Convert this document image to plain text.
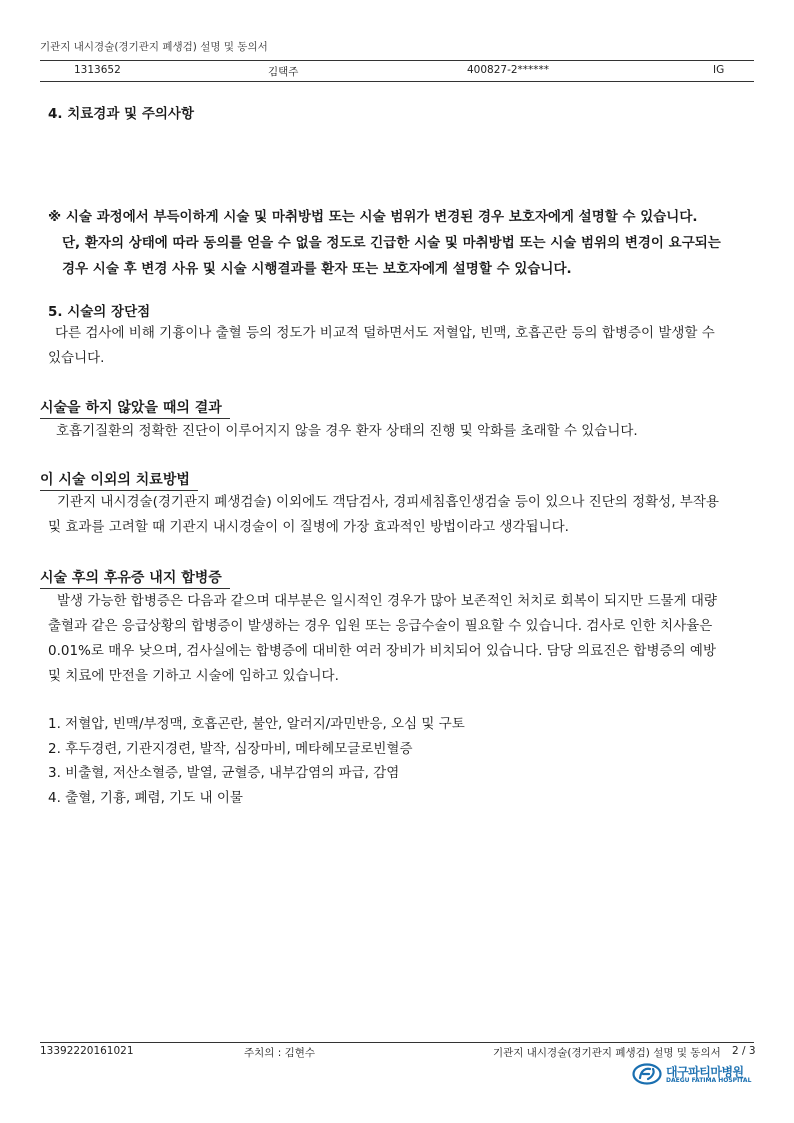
기관지 내시경술(경기관지 폐생검) 설명 및 동의서
1313652	김택주	400827-2******	IG
4. 치료경과 및 주의사항
※ 시술 과정에서 부득이하게 시술 및 마취방법 또는 시술 범위가 변경된 경우 보호자에게 설명할 수 있습니다.
단, 환자의 상태에 따라 동의를 얻을 수 없을 정도로 긴급한 시술 및 마취방법 또는 시술 범위의 변경이 요구되는
경우 시술 후 변경 사유 및 시술 시행결과를 환자 또는 보호자에게 설명할 수 있습니다.
5. 시술의 장단점
다른 검사에 비해 기흉이나 출혈 등의 정도가 비교적 덜하면서도 저혈압, 빈맥, 호흡곤란 등의 합병증이 발생할 수
있습니다.
시술을 하지 않았을 때의 결과
호흡기질환의 정확한 진단이 이루어지지 않을 경우 환자 상태의 진행 및 악화를 초래할 수 있습니다.
이 시술 이외의 치료방법
기관지 내시경술(경기관지 폐생검술) 이외에도 객담검사, 경피세침흡인생검술 등이 있으나 진단의 정확성, 부작용
및 효과를 고려할 때 기관지 내시경술이 이 질병에 가장 효과적인 방법이라고 생각됩니다.
시술 후의 후유증 내지 합병증
발생 가능한 합병증은 다음과 같으며 대부분은 일시적인 경우가 많아 보존적인 처치로 회복이 되지만 드물게 대량
출혈과 같은 응급상황의 합병증이 발생하는 경우 입원 또는 응급수술이 필요할 수 있습니다. 검사로 인한 치사율은
0.01%로 매우 낮으며, 검사실에는 합병증에 대비한 여러 장비가 비치되어 있습니다. 담당 의료진은 합병증의 예방
및 치료에 만전을 기하고 시술에 임하고 있습니다.
1. 저혈압, 빈맥/부정맥, 호흡곤란, 불안, 알러지/과민반응, 오심 및 구토
2. 후두경련, 기관지경련, 발작, 심장마비, 메타헤모글로빈혈증
3. 비출혈, 저산소혈증, 발열, 균혈증, 내부감염의 파급, 감염
4. 출혈, 기흉, 폐렴, 기도 내 이물
13392220161021	주치의 : 김현수	기관지 내시경술(경기관지 폐생검) 설명 및 동의서 2 / 3
대구파티마병원
DAEGU FATIMA HOSPITAL
